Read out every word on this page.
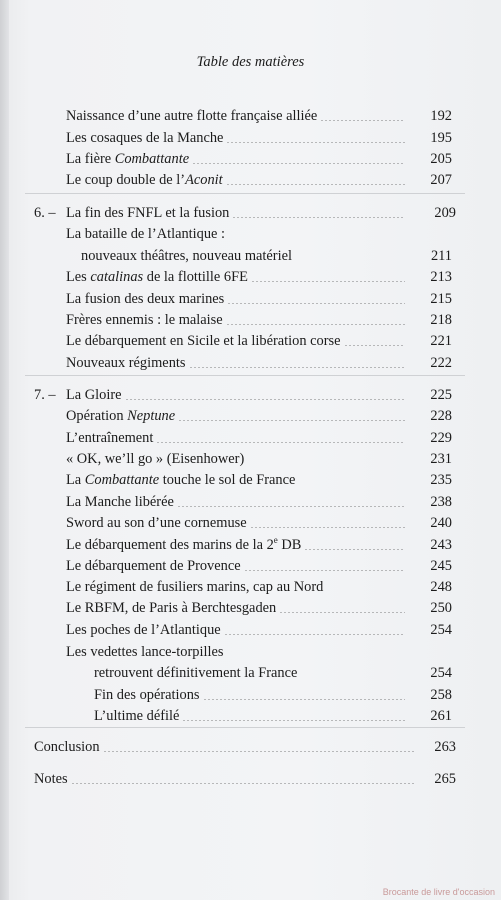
Table des matières
Naissance d’une autre flotte française alliée	192
Les cosaques de la Manche	195
La fière Combattante	205
Le coup double de l’Aconit	207
6. – La fin des FNFL et la fusion	209
La bataille de l’Atlantique :
nouveaux théâtres, nouveau matériel	211
Les catalinas de la flottille 6FE	213
La fusion des deux marines	215
Frères ennemis : le malaise	218
Le débarquement en Sicile et la libération corse	221
Nouveaux régiments	222
7. – La Gloire	225
Opération Neptune	228
L’entraînement	229
« OK, we’ll go » (Eisenhower)	231
La Combattante touche le sol de France	235
La Manche libérée	238
Sword au son d’une cornemuse	240
Le débarquement des marins de la 2e DB	243
Le débarquement de Provence	245
Le régiment de fusiliers marins, cap au Nord	248
Le RBFM, de Paris à Berchtesgaden	250
Les poches de l’Atlantique	254
Les vedettes lance-torpilles
retrouvent définitivement la France	254
Fin des opérations	258
L’ultime défilé	261
Conclusion	263
Notes	265
Brocante de livre d'occasion
